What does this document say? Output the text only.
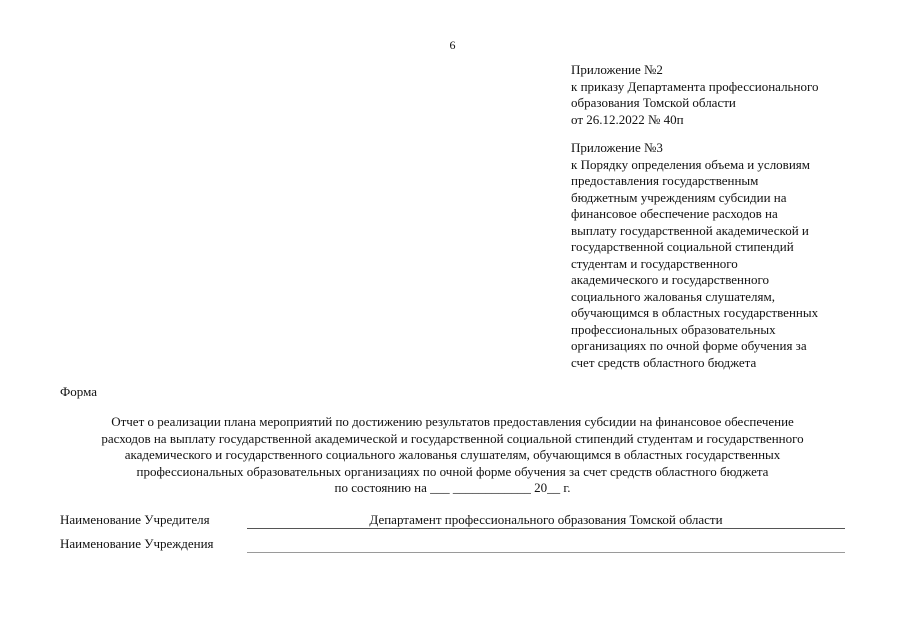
6
Приложение №2
к приказу Департамента профессионального
образования Томской области
от 26.12.2022 № 40п
Приложение №3
к Порядку определения объема и условиям
предоставления государственным
бюджетным учреждениям субсидии на
финансовое обеспечение расходов на
выплату государственной академической и
государственной социальной стипендий
студентам и государственного
академического и государственного
социального жалованья слушателям,
обучающимся в областных государственных
профессиональных образовательных
организациях по очной форме обучения за
счет средств областного бюджета
Форма
Отчет о реализации плана мероприятий по достижению результатов предоставления субсидии на финансовое обеспечение
расходов на выплату государственной академической и государственной социальной стипендий студентам и государственного
академического и государственного социального жалованья слушателям, обучающимся в областных государственных
профессиональных образовательных организациях по очной форме обучения за счет средств областного бюджета
по состоянию на ___ ____________ 20__ г.
Наименование Учредителя	Департамент профессионального образования Томской области
Наименование Учреждения
